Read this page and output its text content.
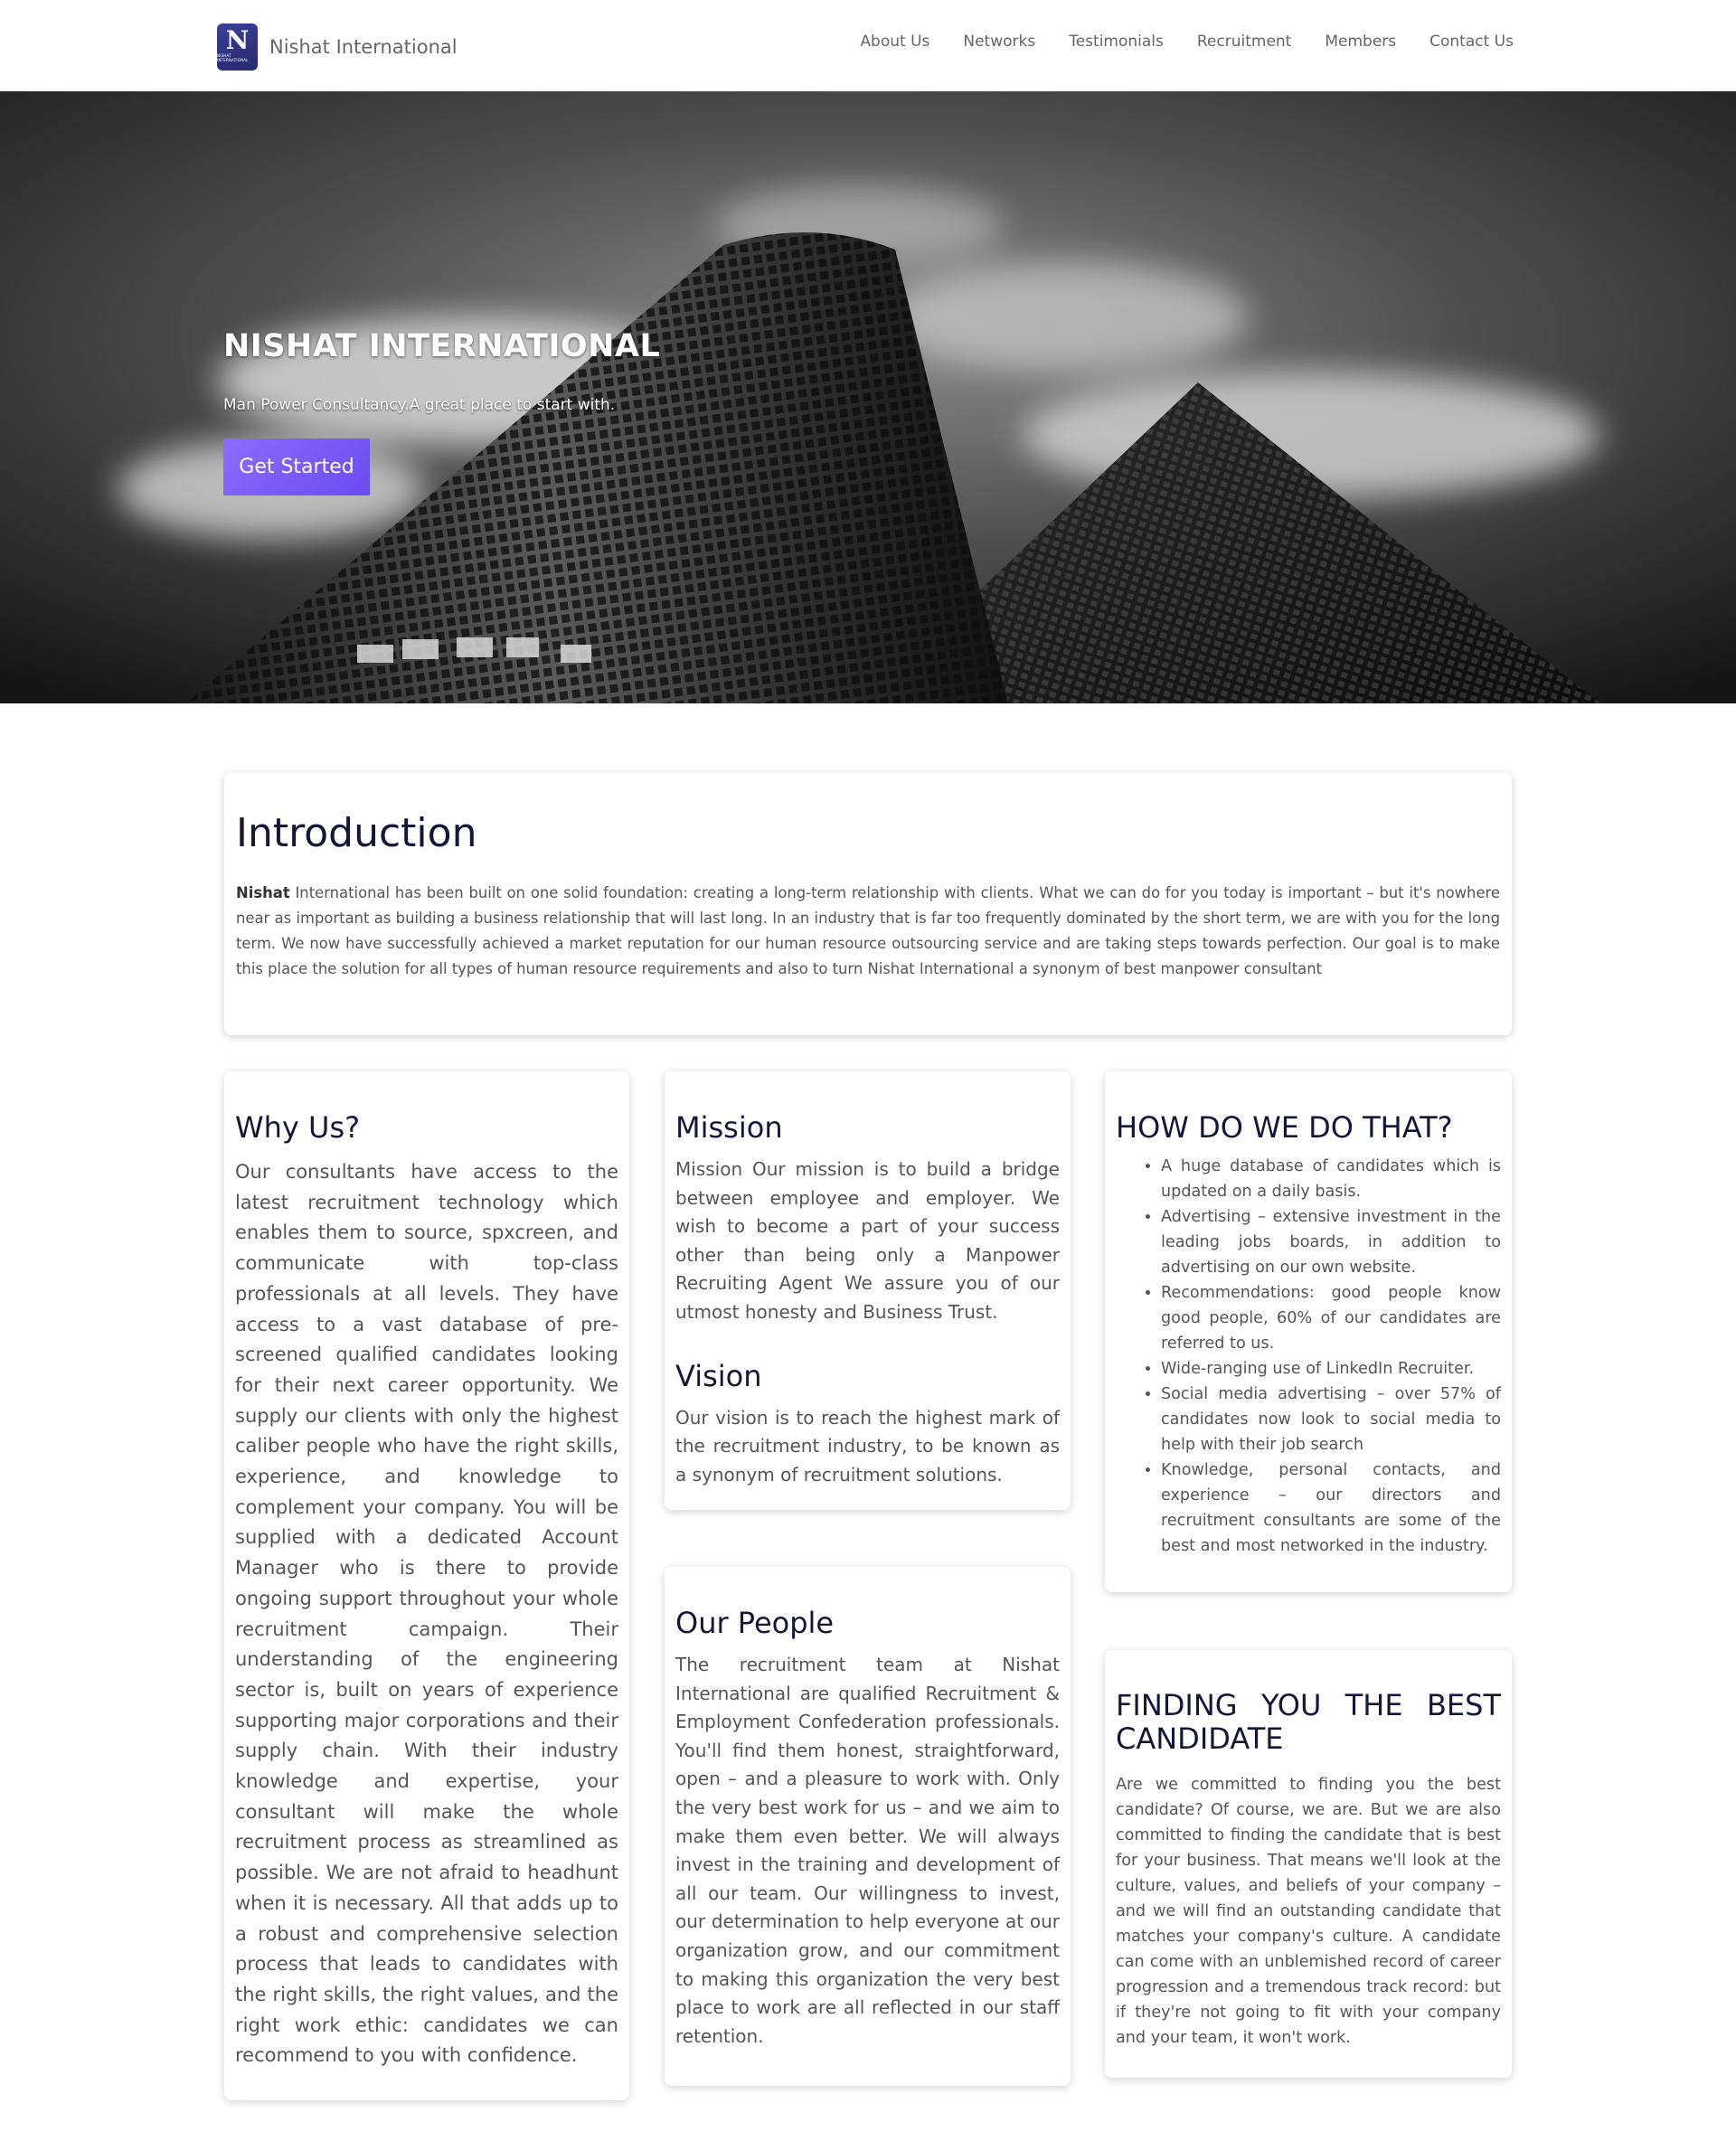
N
NISHAT INTERNATIONAL
Nishat International	About Us Networks Testimonials Recruitment Members Contact Us
NISHAT INTERNATIONAL

Man Power Consultancy.A great place to start with.

Get Started
Introduction

Nishat International has been built on one solid foundation: creating a long-term relationship with clients. What we can do for you today is important – but it's nowhere near as important as building a business relationship that will last long. In an industry that is far too frequently dominated by the short term, we are with you for the long term. We now have successfully achieved a market reputation for our human resource outsourcing service and are taking steps towards perfection. Our goal is to make this place the solution for all types of human resource requirements and also to turn Nishat International a synonym of best manpower consultant

Why Us?

Our consultants have access to the latest recruitment technology which enables them to source, spxcreen, and communicate with top-class professionals at all levels. They have access to a vast database of pre-screened qualified candidates looking for their next career opportunity. We supply our clients with only the highest caliber people who have the right skills, experience, and knowledge to complement your company. You will be supplied with a dedicated Account Manager who is there to provide ongoing support throughout your whole recruitment campaign. Their understanding of the engineering sector is, built on years of experience supporting major corporations and their supply chain. With their industry knowledge and expertise, your consultant will make the whole recruitment process as streamlined as possible. We are not afraid to headhunt when it is necessary. All that adds up to a robust and comprehensive selection process that leads to candidates with the right skills, the right values, and the right work ethic: candidates we can recommend to you with confidence.

Mission

Mission Our mission is to build a bridge between employee and employer. We wish to become a part of your success other than being only a Manpower Recruiting Agent We assure you of our utmost honesty and Business Trust.

Vision

Our vision is to reach the highest mark of the recruitment industry, to be known as a synonym of recruitment solutions.

Our People

The recruitment team at Nishat International are qualified Recruitment & Employment Confederation professionals. You'll find them honest, straightforward, open – and a pleasure to work with. Only the very best work for us – and we aim to make them even better. We will always invest in the training and development of all our team. Our willingness to invest, our determination to help everyone at our organization grow, and our commitment to making this organization the very best place to work are all reflected in our staff retention.

HOW DO WE DO THAT?
• A huge database of candidates which is updated on a daily basis.
• Advertising – extensive investment in the leading jobs boards, in addition to advertising on our own website.
• Recommendations: good people know good people, 60% of our candidates are referred to us.
• Wide-ranging use of LinkedIn Recruiter.
• Social media advertising – over 57% of candidates now look to social media to help with their job search
• Knowledge, personal contacts, and experience – our directors and recruitment consultants are some of the best and most networked in the industry.
FINDING YOU THE BEST
CANDIDATE

Are we committed to finding you the best candidate? Of course, we are. But we are also committed to finding the candidate that is best for your business. That means we'll look at the culture, values, and beliefs of your company – and we will find an outstanding candidate that matches your company's culture. A candidate can come with an unblemished record of career progression and a tremendous track record: but if they're not going to fit with your company and your team, it won't work.
